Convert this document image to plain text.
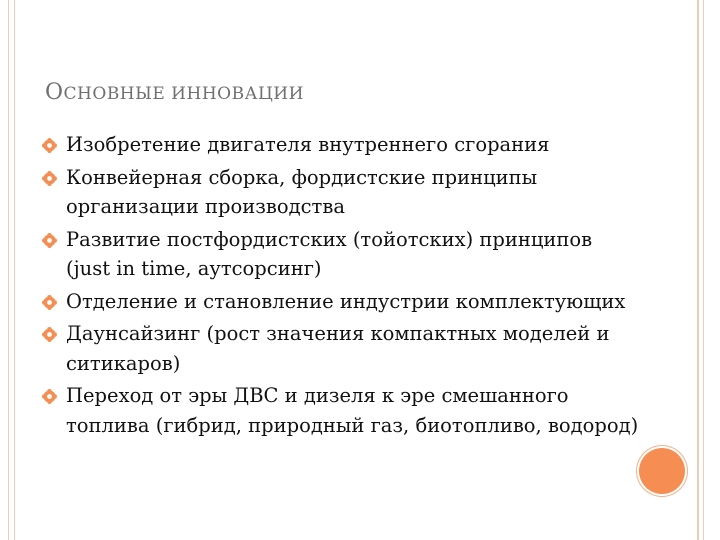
ОСНОВНЫЕ ИННОВАЦИИ
Изобретение двигателя внутреннего сгорания
Конвейерная сборка, фордистские принципы организации производства
Развитие постфордистских (тойотских) принципов (just in time, аутсорсинг)
Отделение и становление индустрии комплектующих
Даунсайзинг (рост значения компактных моделей и ситикаров)
Переход от эры ДВС и дизеля к эре смешанного топлива (гибрид, природный газ, биотопливо, водород)
